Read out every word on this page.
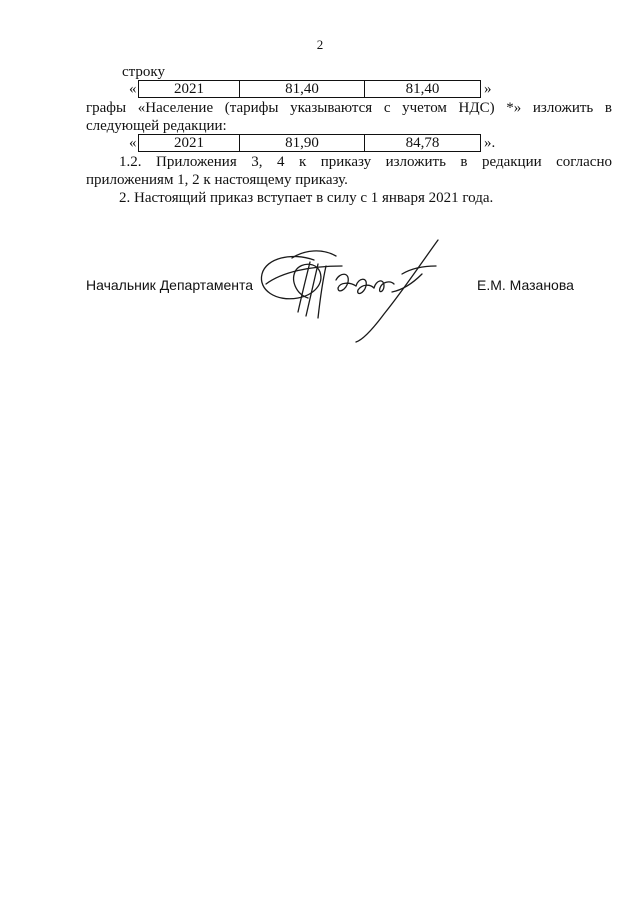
2
строку
«	2021	81,40	81,40	»
графы «Население (тарифы указываются с учетом НДС) *» изложить в
следующей редакции:
«	2021	81,90	84,78	».
1.2. Приложения 3, 4 к приказу изложить в редакции согласно
приложениям 1, 2 к настоящему приказу.
2. Настоящий приказ вступает в силу с 1 января 2021 года.
Начальник Департамента	Е.М. Мазанова
